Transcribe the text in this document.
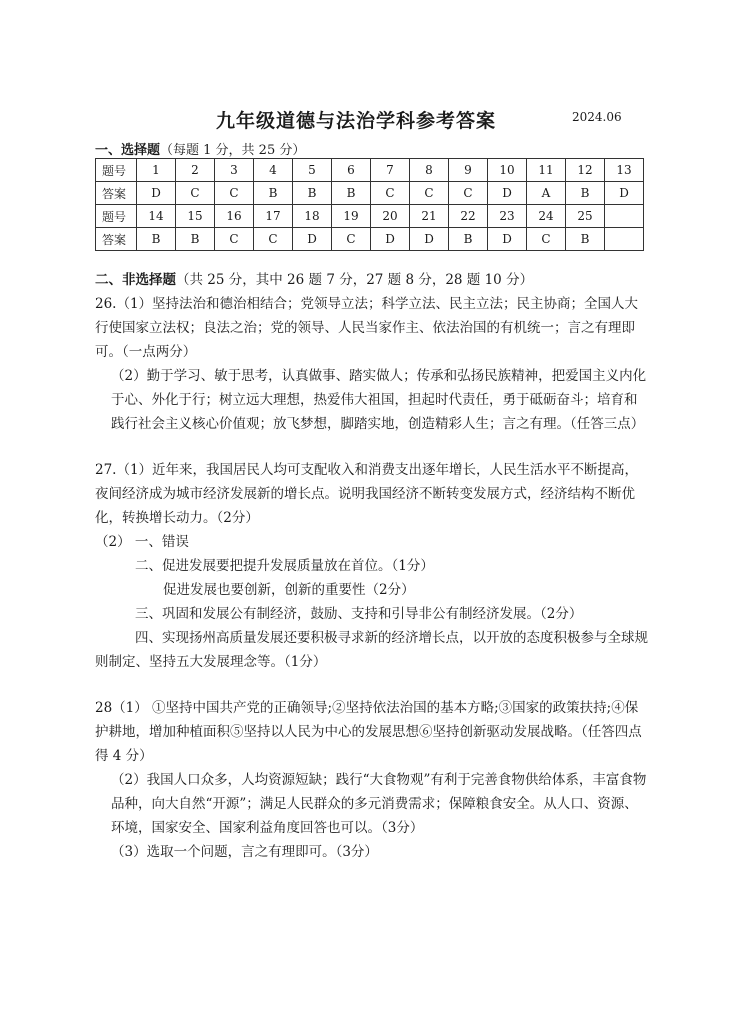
九年级道德与法治学科参考答案	2024.06
一、选择题（每题 1 分，共 25 分）
题号	1	2	3	4	5	6	7	8	9	10	11	12	13
答案	D	C	C	B	B	B	C	C	C	D	A	B	D
题号	14	15	16	17	18	19	20	21	22	23	24	25	
答案	B	B	C	C	D	C	D	D	B	D	C	B	
二、非选择题（共 25 分，其中 26 题 7 分，27 题 8 分，28 题 10 分）

26.（1）坚持法治和德治相结合；党领导立法；科学立法、民主立法；民主协商；全国人大行使国家立法权；良法之治；党的领导、人民当家作主、依法治国的有机统一；言之有理即可。（一点两分）

（2）勤于学习、敏于思考，认真做事、踏实做人；传承和弘扬民族精神，把爱国主义内化于心、外化于行；树立远大理想，热爱伟大祖国，担起时代责任，勇于砥砺奋斗；培育和践行社会主义核心价值观；放飞梦想，脚踏实地，创造精彩人生；言之有理。（任答三点）

27.（1）近年来，我国居民人均可支配收入和消费支出逐年增长，人民生活水平不断提高，夜间经济成为城市经济发展新的增长点。说明我国经济不断转变发展方式，经济结构不断优化，转换增长动力。（2分）

（2） 一、错误

二、促进发展要把提升发展质量放在首位。（1分）

促进发展也要创新，创新的重要性（2分）

三、巩固和发展公有制经济，鼓励、支持和引导非公有制经济发展。（2分）

四、实现扬州高质量发展还要积极寻求新的经济增长点，以开放的态度积极参与全球规则制定、坚持五大发展理念等。（1分）

28（1） ①坚持中国共产党的正确领导;②坚持依法治国的基本方略;③国家的政策扶持;④保护耕地，增加种植面积⑤坚持以人民为中心的发展思想⑥坚持创新驱动发展战略。（任答四点得 4 分）

（2）我国人口众多，人均资源短缺；践行“大食物观”有利于完善食物供给体系，丰富食物品种，向大自然“开源”；满足人民群众的多元消费需求；保障粮食安全。从人口、资源、环境，国家安全、国家利益角度回答也可以。（3分）

（3）选取一个问题，言之有理即可。（3分）
